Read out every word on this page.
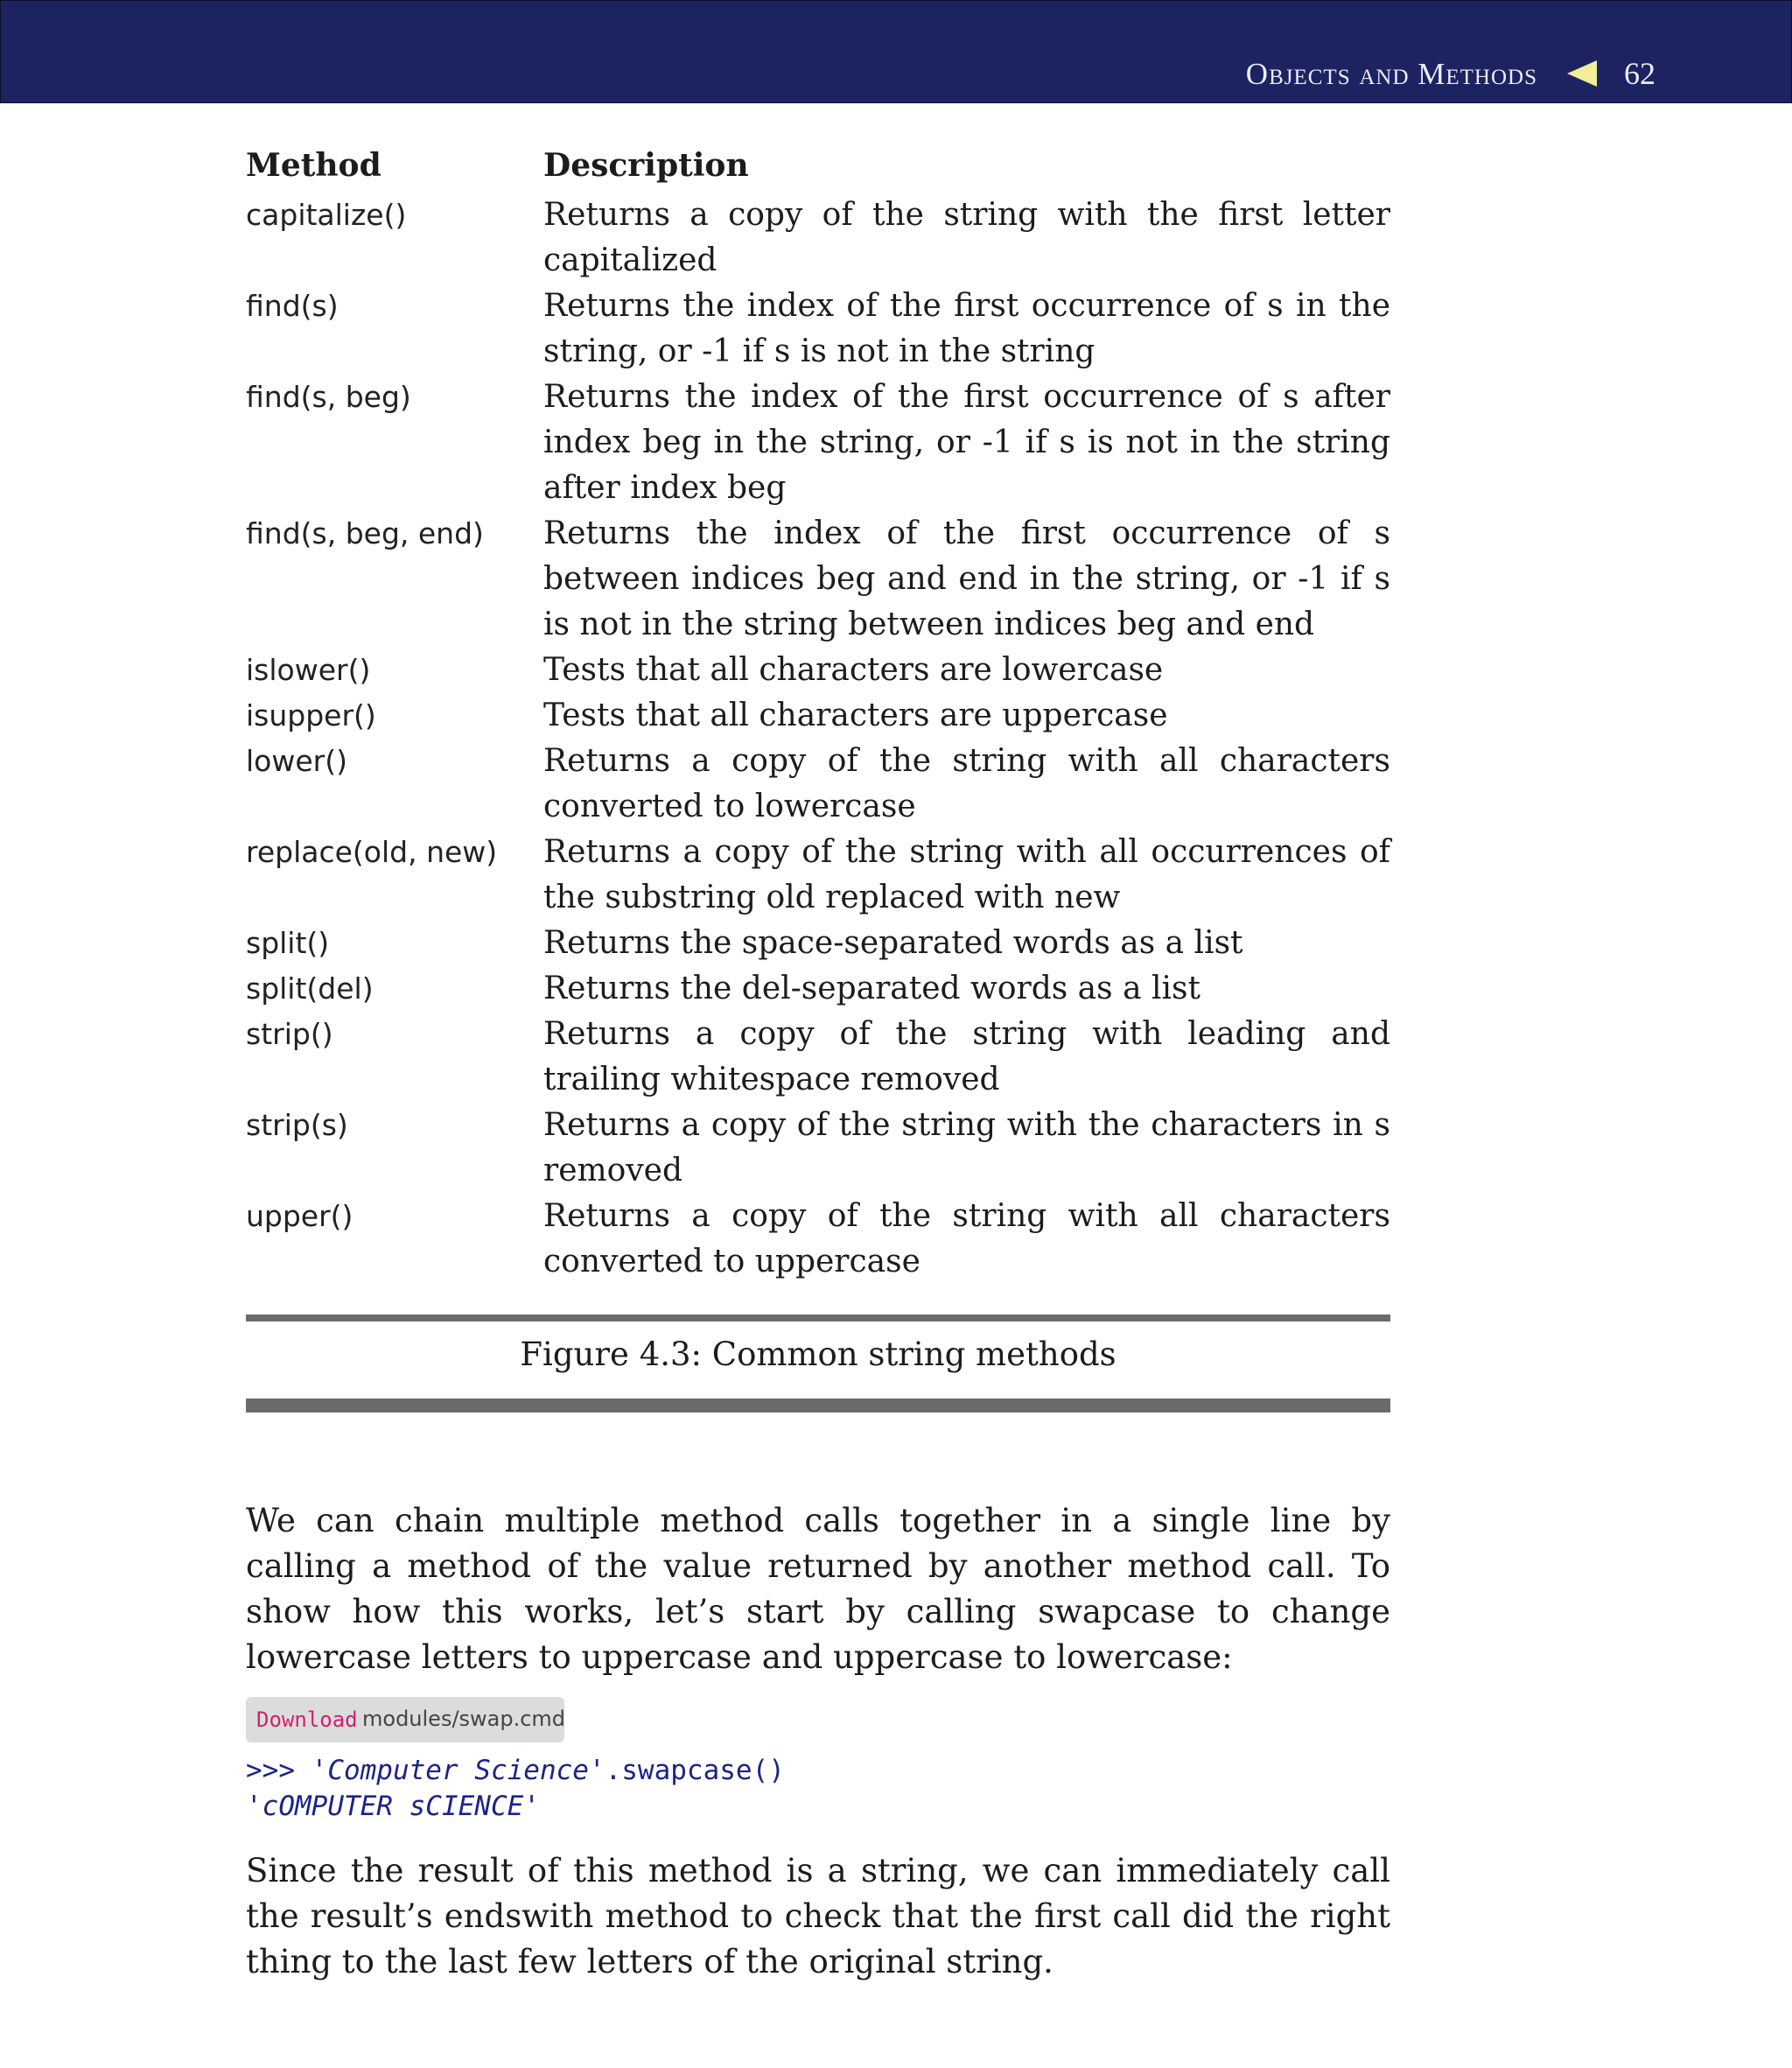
Objects and Methods	62
Method	Description
capitalize()	Returns a copy of the string with the first letter capitalized
find(s)	Returns the index of the first occurrence of s in the string, or -1 if s is not in the string
find(s, beg)	Returns the index of the first occurrence of s after index beg in the string, or -1 if s is not in the string after index beg
find(s, beg, end) Returns the index of the first occurrence of s between indices beg and end in the string, or -1 if s is not in the string between indices beg and end
islower()	Tests that all characters are lowercase
isupper()	Tests that all characters are uppercase
lower()	Returns a copy of the string with all characters converted to lowercase
replace(old, new) Returns a copy of the string with all occurrences of the substring old replaced with new
split()	Returns the space-separated words as a list
split(del)	Returns the del-separated words as a list
strip()	Returns a copy of the string with leading and trailing whitespace removed
strip(s)	Returns a copy of the string with the characters in s removed
upper()	Returns a copy of the string with all characters converted to uppercase
Figure 4.3: Common string methods

We can chain multiple method calls together in a single line by calling a method of the value returned by another method call. To show how this works, let’s start by calling swapcase to change lowercase letters to uppercase and uppercase to lowercase:

Download modules/swap.cmd
>>> 'Computer Science'.swapcase()
'cOMPUTER sCIENCE'

Since the result of this method is a string, we can immediately call the result’s endswith method to check that the first call did the right thing to the last few letters of the original string.
